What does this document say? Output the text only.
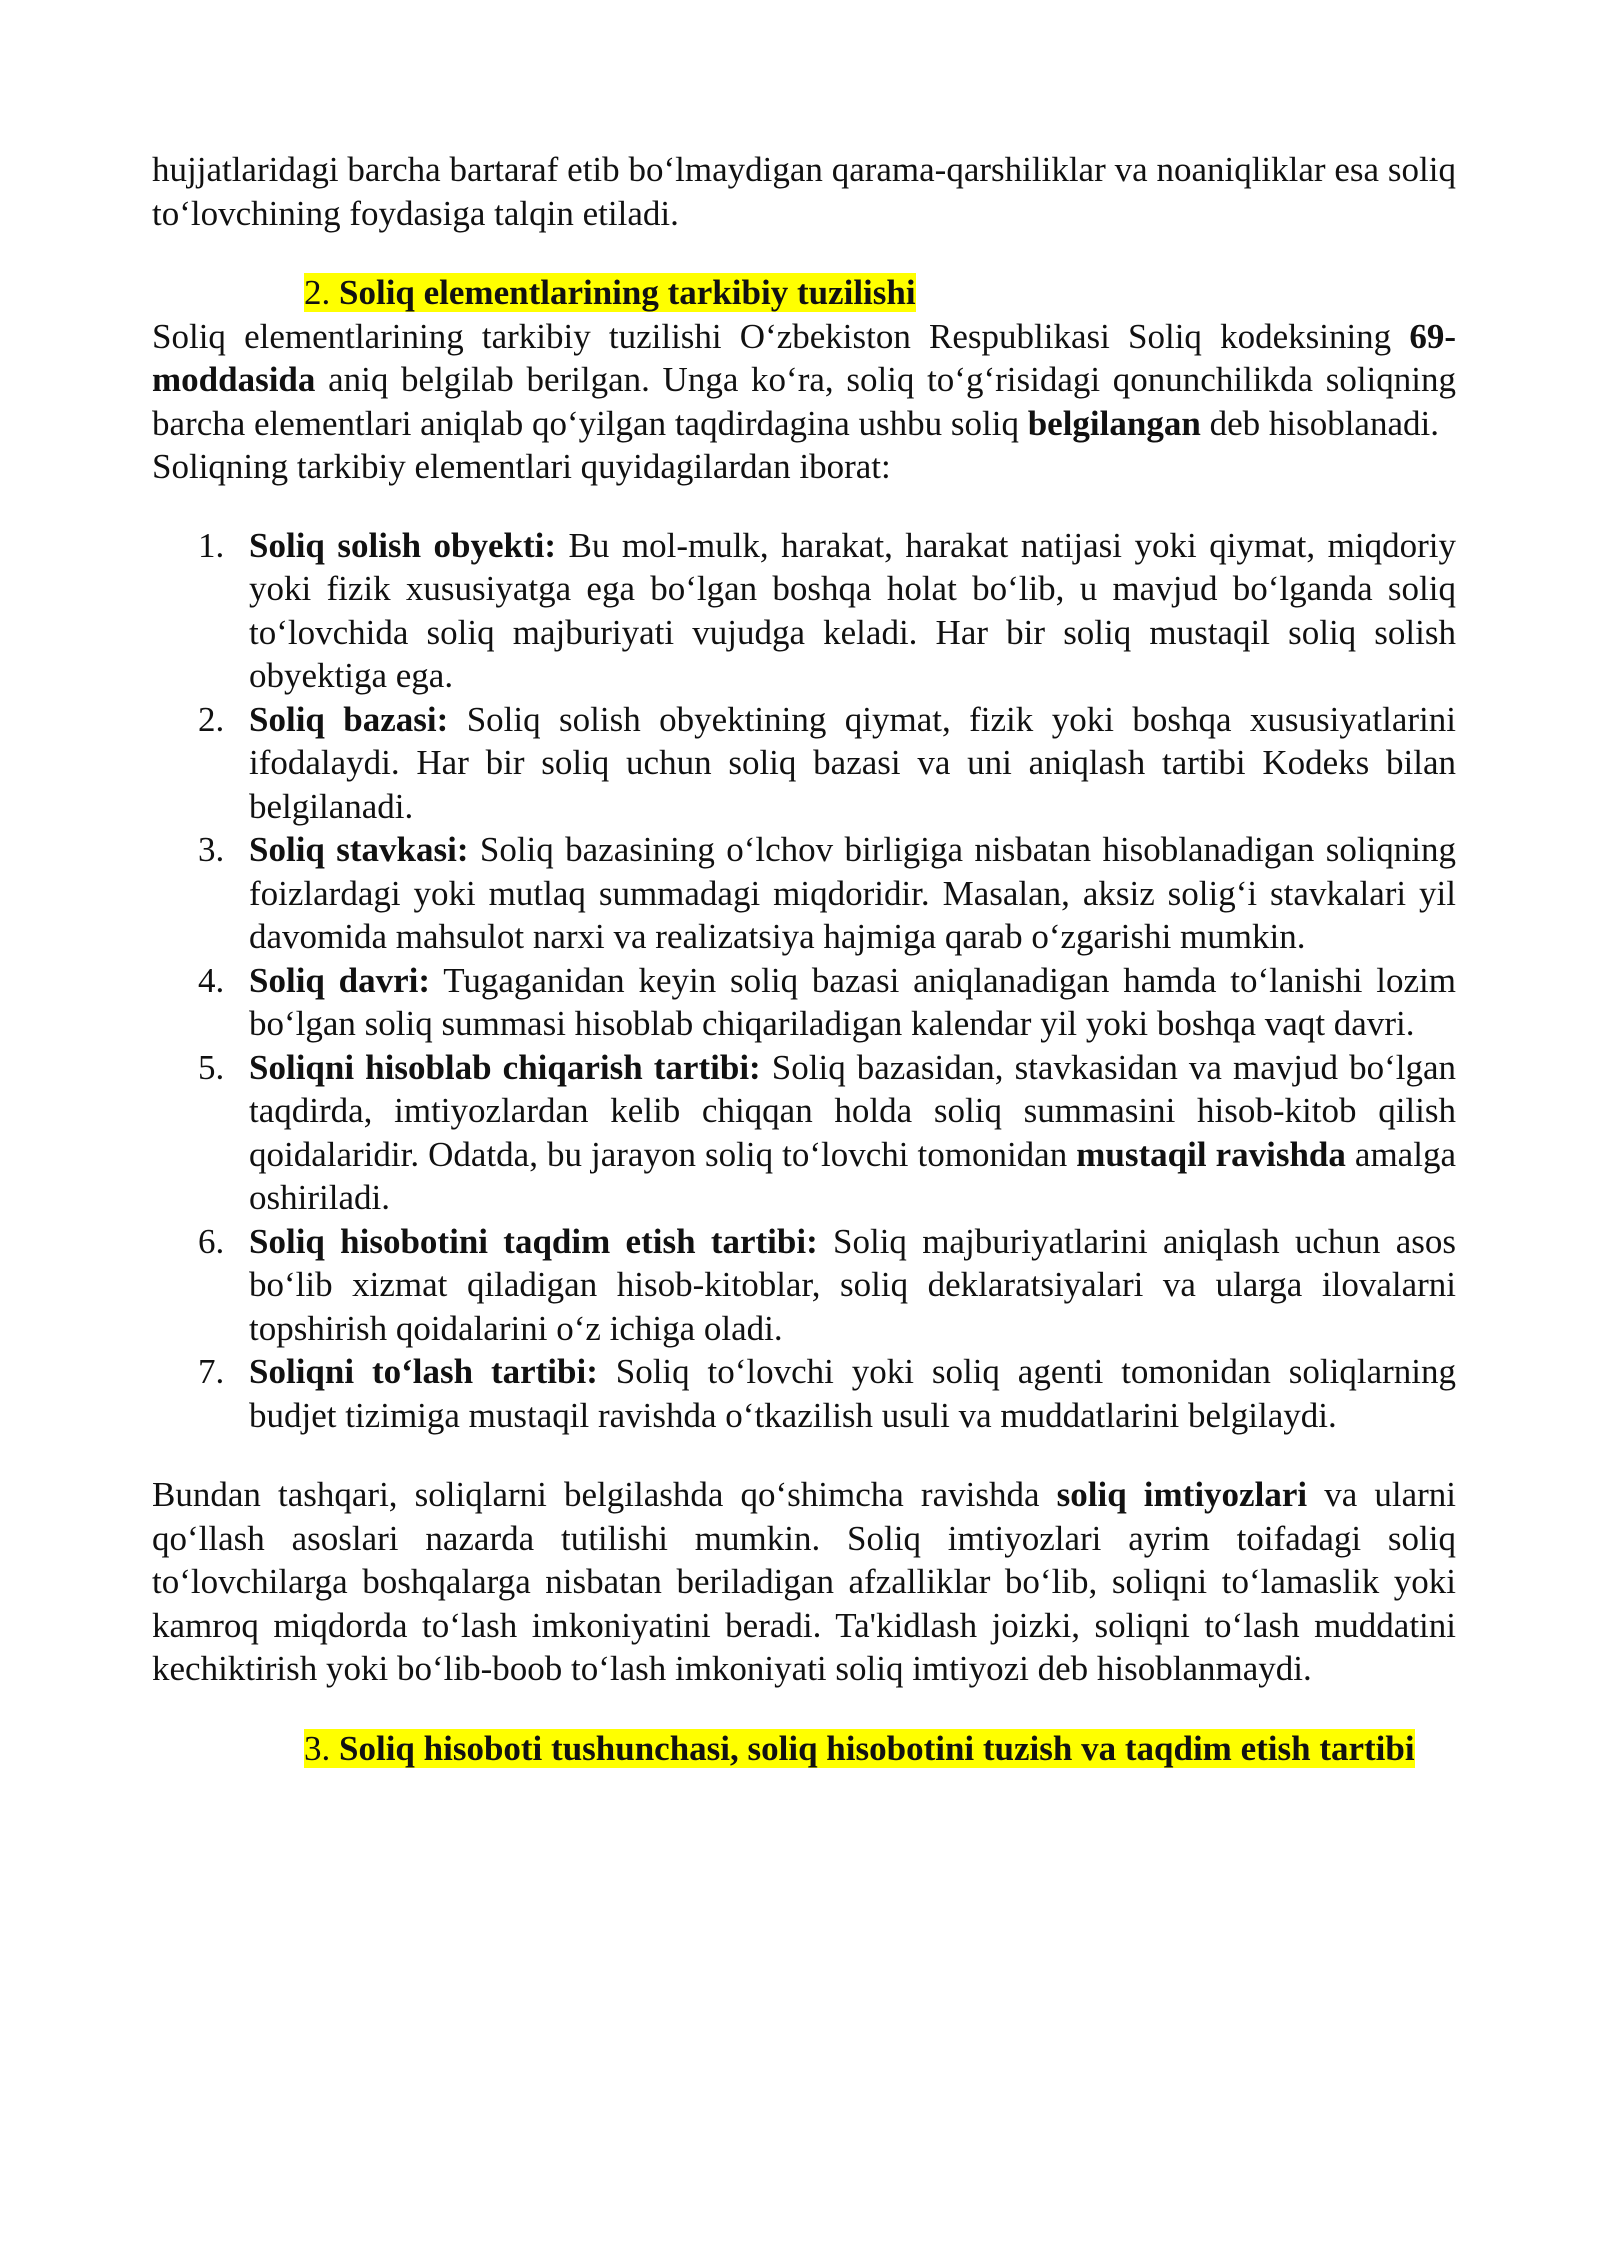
hujjatlaridagi barcha bartaraf etib bo‘lmaydigan qarama-qarshiliklar va noaniqliklar esa soliq to‘lovchining foydasiga talqin etiladi.

2. Soliq elementlarining tarkibiy tuzilishi

Soliq elementlarining tarkibiy tuzilishi O‘zbekiston Respublikasi Soliq kodeksining 69-moddasida aniq belgilab berilgan. Unga ko‘ra, soliq to‘g‘risidagi qonunchilikda soliqning barcha elementlari aniqlab qo‘yilgan taqdirdagina ushbu soliq belgilangan deb hisoblanadi.

Soliqning tarkibiy elementlari quyidagilardan iborat:

1. Soliq solish obyekti: Bu mol-mulk, harakat, harakat natijasi yoki qiymat, miqdoriy yoki fizik xususiyatga ega bo‘lgan boshqa holat bo‘lib, u mavjud bo‘lganda soliq to‘lovchida soliq majburiyati vujudga keladi. Har bir soliq mustaqil soliq solish obyektiga ega.
2. Soliq bazasi: Soliq solish obyektining qiymat, fizik yoki boshqa xususiyatlarini ifodalaydi. Har bir soliq uchun soliq bazasi va uni aniqlash tartibi Kodeks bilan belgilanadi.
3. Soliq stavkasi: Soliq bazasining o‘lchov birligiga nisbatan hisoblanadigan soliqning foizlardagi yoki mutlaq summadagi miqdoridir. Masalan, aksiz solig‘i stavkalari yil davomida mahsulot narxi va realizatsiya hajmiga qarab o‘zgarishi mumkin.
4. Soliq davri: Tugaganidan keyin soliq bazasi aniqlanadigan hamda to‘lanishi lozim bo‘lgan soliq summasi hisoblab chiqariladigan kalendar yil yoki boshqa vaqt davri.
5. Soliqni hisoblab chiqarish tartibi: Soliq bazasidan, stavkasidan va mavjud bo‘lgan taqdirda, imtiyozlardan kelib chiqqan holda soliq summasini hisob-kitob qilish qoidalaridir. Odatda, bu jarayon soliq to‘lovchi tomonidan mustaqil ravishda amalga oshiriladi.
6. Soliq hisobotini taqdim etish tartibi: Soliq majburiyatlarini aniqlash uchun asos bo‘lib xizmat qiladigan hisob-kitoblar, soliq deklaratsiyalari va ularga ilovalarni topshirish qoidalarini o‘z ichiga oladi.
7. Soliqni to‘lash tartibi: Soliq to‘lovchi yoki soliq agenti tomonidan soliqlarning budjet tizimiga mustaqil ravishda o‘tkazilish usuli va muddatlarini belgilaydi.

Bundan tashqari, soliqlarni belgilashda qo‘shimcha ravishda soliq imtiyozlari va ularni qo‘llash asoslari nazarda tutilishi mumkin. Soliq imtiyozlari ayrim toifadagi soliq to‘lovchilarga boshqalarga nisbatan beriladigan afzalliklar bo‘lib, soliqni to‘lamaslik yoki kamroq miqdorda to‘lash imkoniyatini beradi. Ta'kidlash joizki, soliqni to‘lash muddatini kechiktirish yoki bo‘lib-boob to‘lash imkoniyati soliq imtiyozi deb hisoblanmaydi.

3. Soliq hisoboti tushunchasi, soliq hisobotini tuzish va taqdim etish tartibi
